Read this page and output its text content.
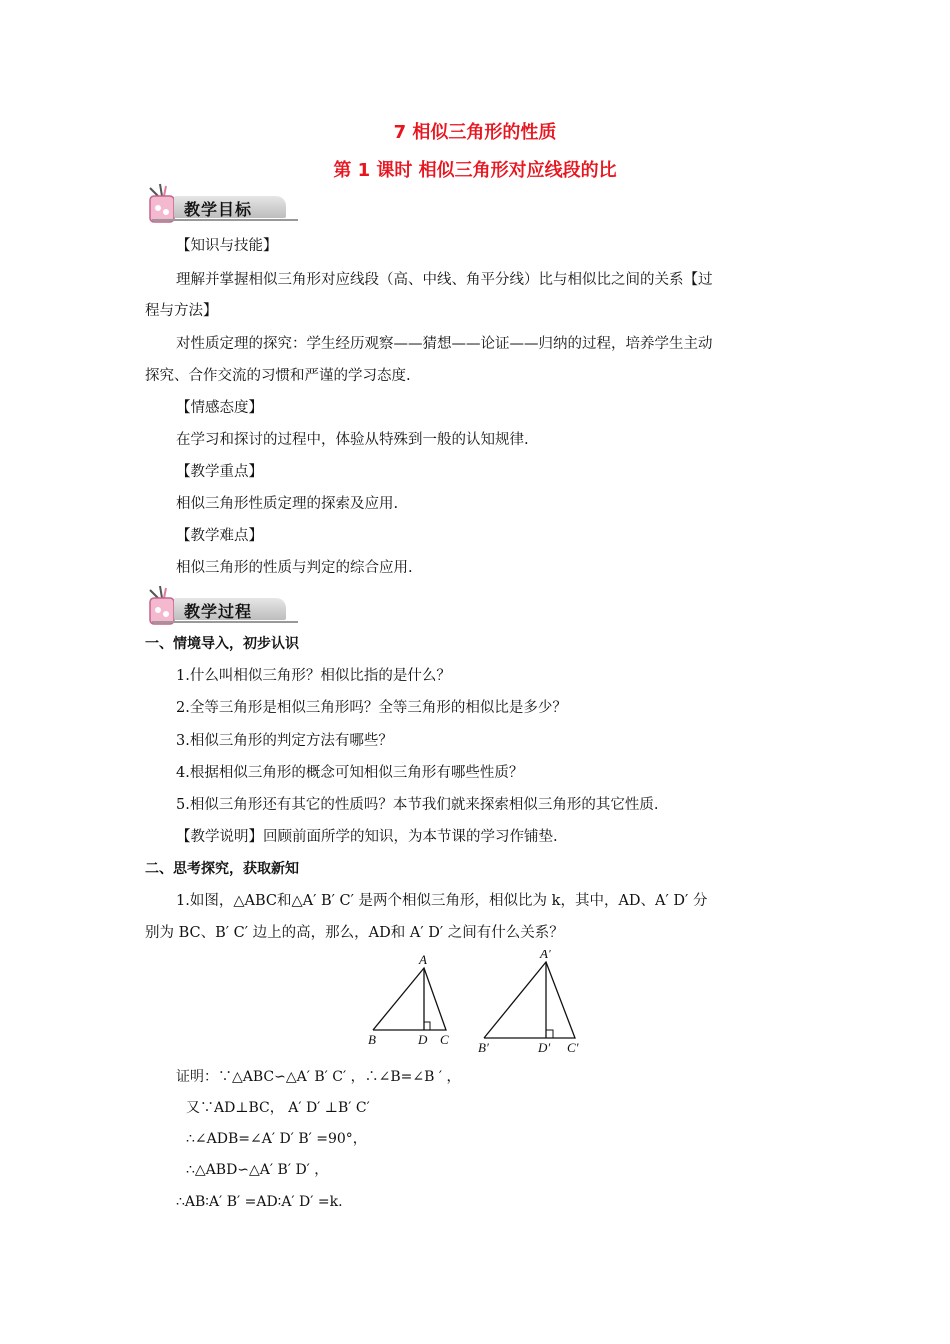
7 相似三角形的性质
第 1 课时 相似三角形对应线段的比
教学目标
【知识与技能】
理解并掌握相似三角形对应线段（高、中线、角平分线）比与相似比之间的关系【过
程与方法】
对性质定理的探究：学生经历观察——猜想——论证——归纳的过程，培养学生主动
探究、合作交流的习惯和严谨的学习态度.
【情感态度】
在学习和探讨的过程中，体验从特殊到一般的认知规律.
【教学重点】
相似三角形性质定理的探索及应用.
【教学难点】
相似三角形的性质与判定的综合应用.
教学过程
一、情境导入，初步认识
1.什么叫相似三角形？相似比指的是什么？
2.全等三角形是相似三角形吗？全等三角形的相似比是多少？
3.相似三角形的判定方法有哪些？
4.根据相似三角形的概念可知相似三角形有哪些性质？
5.相似三角形还有其它的性质吗？本节我们就来探索相似三角形的其它性质.
【教学说明】回顾前面所学的知识，为本节课的学习作铺垫.
二、思考探究，获取新知
1.如图，△ABC和△A′ B′ C′ 是两个相似三角形，相似比为 k，其中，AD、A′ D′ 分
别为 BC、B′ C′ 边上的高，那么，AD和 A′ D′ 之间有什么关系？
A
B	D C
A′
B′	D′ C′
证明：∵△ABC∽△A′ B′ C′ ，∴∠B=∠B ′ ，
又∵AD⊥BC， A′ D′ ⊥B′ C′
∴∠ADB=∠A′ D′ B′ =90°，
∴△ABD∽△A′ B′ D′ ，
∴AB∶A′ B′ =AD∶A′ D′ =k.
